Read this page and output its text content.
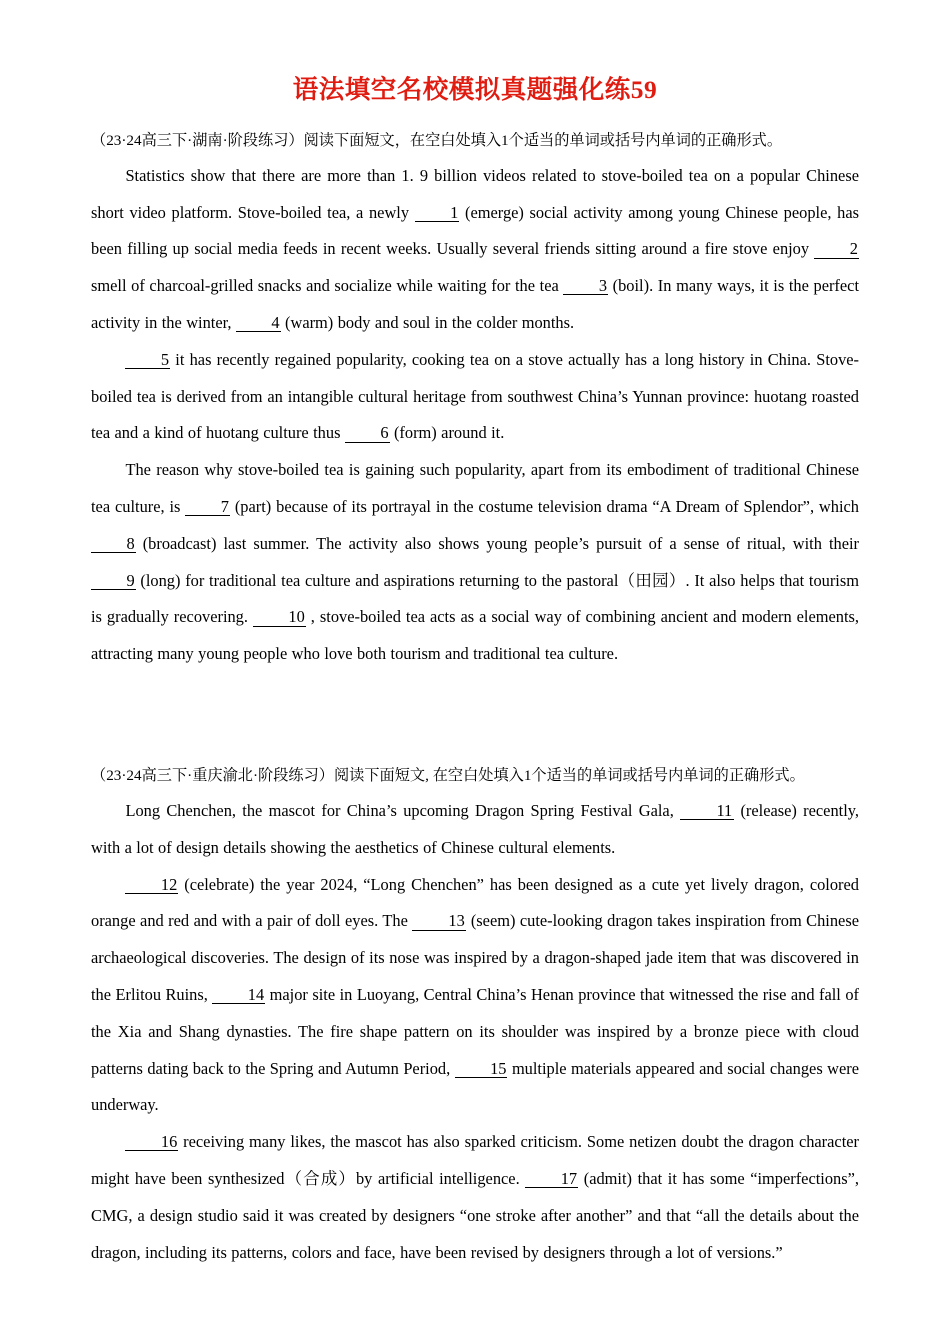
语法填空名校模拟真题强化练59

（23·24高三下·湖南·阶段练习）阅读下面短文，在空白处填入1个适当的单词或括号内单词的正确形式。

Statistics show that there are more than 1. 9 billion videos related to stove-boiled tea on a popular Chinese short video platform. Stove-boiled tea, a newly 1 (emerge) social activity among young Chinese people, has been filling up social media feeds in recent weeks. Usually several friends sitting around a fire stove enjoy 2 smell of charcoal-grilled snacks and socialize while waiting for the tea 3 (boil). In many ways, it is the perfect activity in the winter, 4 (warm) body and soul in the colder months.

5 it has recently regained popularity, cooking tea on a stove actually has a long history in China. Stove-boiled tea is derived from an intangible cultural heritage from southwest China’s Yunnan province: huotang roasted tea and a kind of huotang culture thus 6 (form) around it.

The reason why stove-boiled tea is gaining such popularity, apart from its embodiment of traditional Chinese tea culture, is 7 (part) because of its portrayal in the costume television drama “A Dream of Splendor”, which 8 (broadcast) last summer. The activity also shows young people’s pursuit of a sense of ritual, with their 9 (long) for traditional tea culture and aspirations returning to the pastoral（田园）. It also helps that tourism is gradually recovering. 10 , stove-boiled tea acts as a social way of combining ancient and modern elements, attracting many young people who love both tourism and traditional tea culture.

（23·24高三下·重庆渝北·阶段练习）阅读下面短文, 在空白处填入1个适当的单词或括号内单词的正确形式。

Long Chenchen, the mascot for China’s upcoming Dragon Spring Festival Gala, 11 (release) recently, with a lot of design details showing the aesthetics of Chinese cultural elements.

12 (celebrate) the year 2024, “Long Chenchen” has been designed as a cute yet lively dragon, colored orange and red and with a pair of doll eyes. The 13 (seem) cute-looking dragon takes inspiration from Chinese archaeological discoveries. The design of its nose was inspired by a dragon-shaped jade item that was discovered in the Erlitou Ruins, 14 major site in Luoyang, Central China’s Henan province that witnessed the rise and fall of the Xia and Shang dynasties. The fire shape pattern on its shoulder was inspired by a bronze piece with cloud patterns dating back to the Spring and Autumn Period, 15 multiple materials appeared and social changes were underway.

16 receiving many likes, the mascot has also sparked criticism. Some netizen doubt the dragon character might have been synthesized（合成）by artificial intelligence. 17 (admit) that it has some “imperfections”, CMG, a design studio said it was created by designers “one stroke after another” and that “all the details about the dragon, including its patterns, colors and face, have been revised by designers through a lot of versions.”
